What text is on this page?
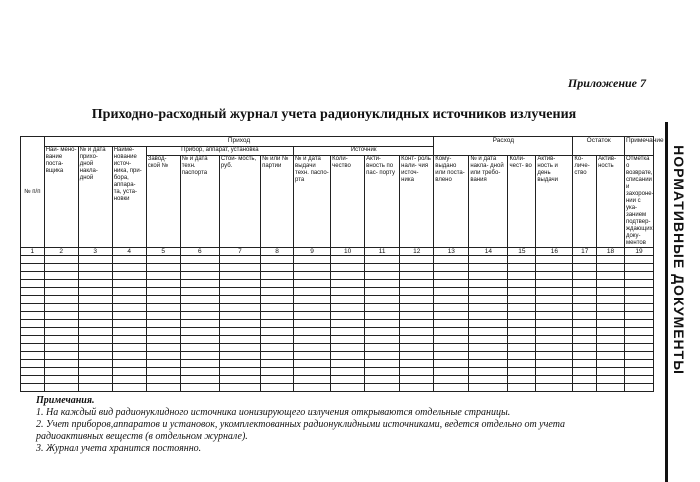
Приложение 7
Приходно-расходный журнал учета радионуклидных источников излучения
НОРМАТИВНЫЕ ДОКУМЕНТЫ
№ п/п	Приход											Расход				Остаток		Примечание
	Наи- мено- вание поста- вщика	№ и дата прихо- дной накла- дной	Наиме- нование источ- ника, при- бора, аппара- та, уста- новки	Прибор, аппарат, установка				Источник										
				Завод- ской №	№ и дата техн. паспорта	Стои- мость, руб.	№ или № партии	№ и дата выдачи техн. паспо- рта	Коли- чество	Акти- вность по пас- порту	Конт- роль нали- чия источ- ника	Кому- выдано или поста- влено	№ и дата накла- дной или требо- вания	Коли- чест- во	Актив- ность и день выдачи	Ко- личе- ство	Актив- ность	Отметка о возврате, списании и захороне- нии с ука- занием подтвер- ждающих доку- ментов
1	2	3	4	5	6	7	8	9	10	11	12	13	14	15	16	17	18	19

Примечания.
1. На каждый вид радионуклидного источника ионизирующего излучения открываются отдельные страницы.
2. Учет приборов,аппаратов и установок, укомплектованных радионуклидными источниками, ведется отдельно от учета
радиоактивных веществ (в отдельном журнале).
3. Журнал учета хранится постоянно.
